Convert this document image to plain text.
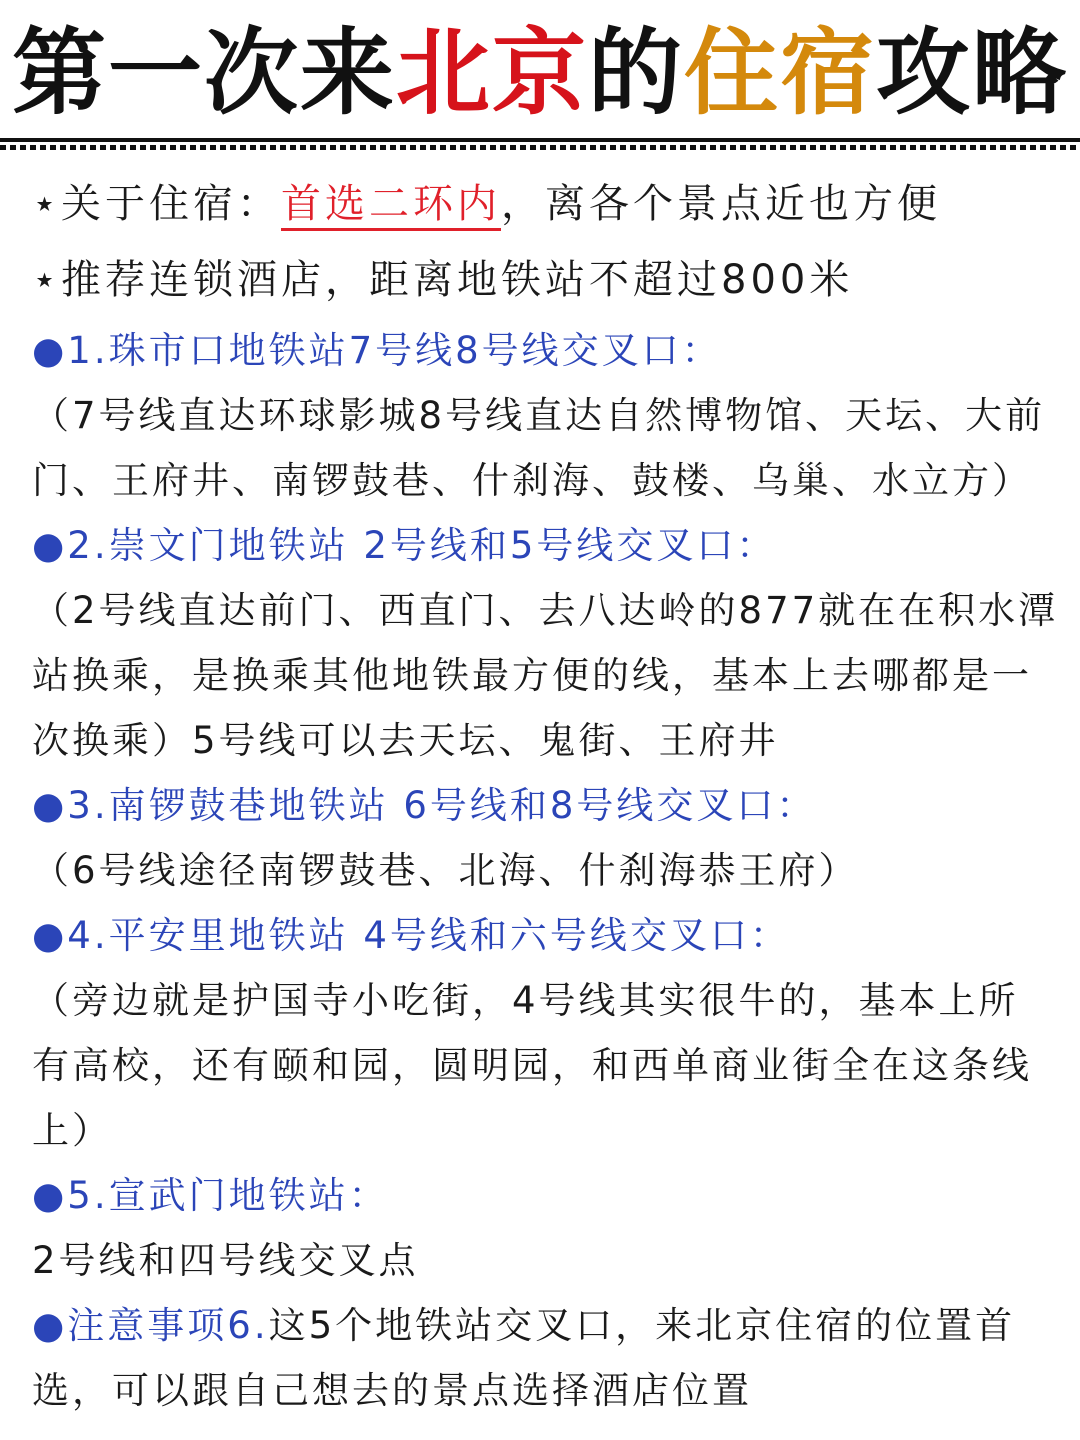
第一次来北京的住宿攻略
⋆关于住宿：首选二环内，离各个景点近也方便
⋆推荐连锁酒店，距离地铁站不超过800米
●1.珠市口地铁站7号线8号线交叉口：
（7号线直达环球影城8号线直达自然博物馆、天坛、大前
门、王府井、南锣鼓巷、什刹海、鼓楼、乌巢、水立方）
●2.崇文门地铁站 2号线和5号线交叉口：
（2号线直达前门、西直门、去八达岭的877就在在积水潭
站换乘，是换乘其他地铁最方便的线，基本上去哪都是一
次换乘）5号线可以去天坛、鬼街、王府井
●3.南锣鼓巷地铁站 6号线和8号线交叉口：
（6号线途径南锣鼓巷、北海、什刹海恭王府）
●4.平安里地铁站 4号线和六号线交叉口：
（旁边就是护国寺小吃街，4号线其实很牛的，基本上所
有高校，还有颐和园，圆明园，和西单商业街全在这条线
上）
●5.宣武门地铁站：
2号线和四号线交叉点
●注意事项6.这5个地铁站交叉口，来北京住宿的位置首
选，可以跟自己想去的景点选择酒店位置
